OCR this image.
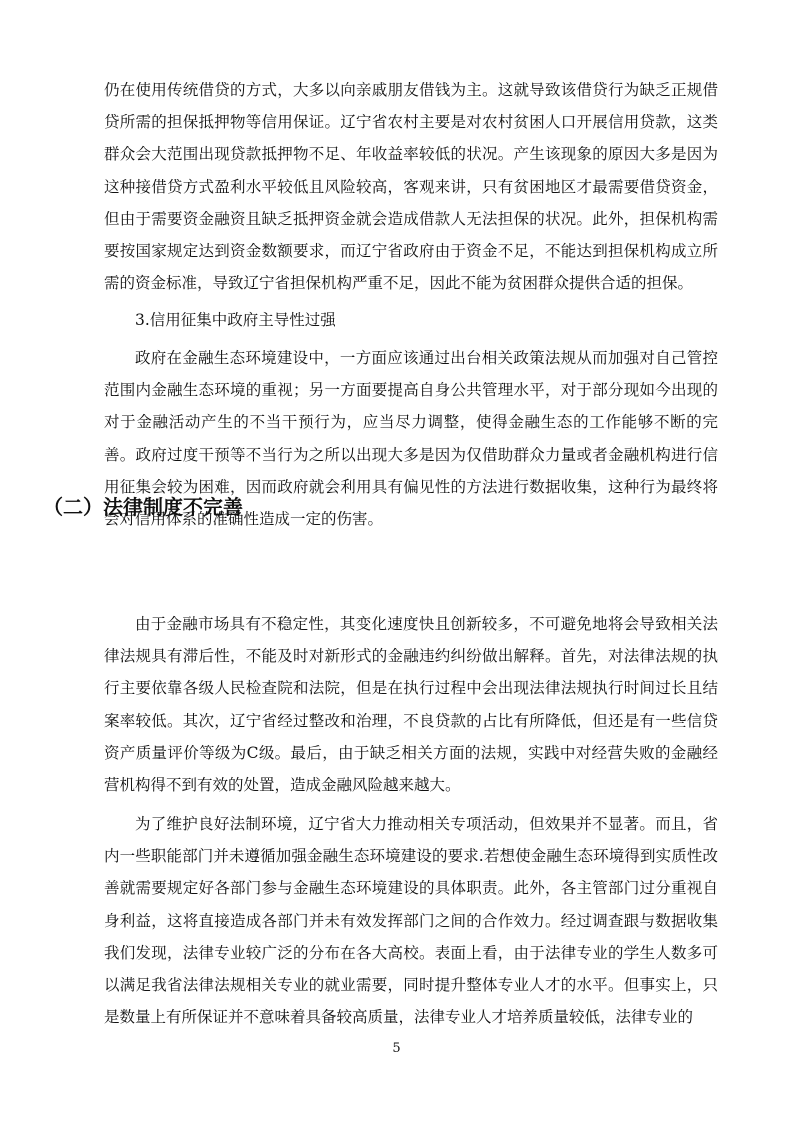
仍在使用传统借贷的方式，大多以向亲戚朋友借钱为主。这就导致该借贷行为缺乏正规借贷所需的担保抵押物等信用保证。辽宁省农村主要是对农村贫困人口开展信用贷款，这类群众会大范围出现贷款抵押物不足、年收益率较低的状况。产生该现象的原因大多是因为这种接借贷方式盈利水平较低且风险较高，客观来讲，只有贫困地区才最需要借贷资金，但由于需要资金融资且缺乏抵押资金就会造成借款人无法担保的状况。此外，担保机构需要按国家规定达到资金数额要求，而辽宁省政府由于资金不足，不能达到担保机构成立所需的资金标准，导致辽宁省担保机构严重不足，因此不能为贫困群众提供合适的担保。

3.信用征集中政府主导性过强

政府在金融生态环境建设中，一方面应该通过出台相关政策法规从而加强对自己管控范围内金融生态环境的重视；另一方面要提高自身公共管理水平，对于部分现如今出现的对于金融活动产生的不当干预行为，应当尽力调整，使得金融生态的工作能够不断的完善。政府过度干预等不当行为之所以出现大多是因为仅借助群众力量或者金融机构进行信用征集会较为困难，因而政府就会利用具有偏见性的方法进行数据收集，这种行为最终将会对信用体系的准确性造成一定的伤害。

（二）法律制度不完善

由于金融市场具有不稳定性，其变化速度快且创新较多，不可避免地将会导致相关法律法规具有滞后性，不能及时对新形式的金融违约纠纷做出解释。首先，对法律法规的执行主要依靠各级人民检查院和法院，但是在执行过程中会出现法律法规执行时间过长且结案率较低。其次，辽宁省经过整改和治理，不良贷款的占比有所降低，但还是有一些信贷资产质量评价等级为C级。最后，由于缺乏相关方面的法规，实践中对经营失败的金融经营机构得不到有效的处置，造成金融风险越来越大。

为了维护良好法制环境，辽宁省大力推动相关专项活动，但效果并不显著。而且，省内一些职能部门并未遵循加强金融生态环境建设的要求.若想使金融生态环境得到实质性改善就需要规定好各部门参与金融生态环境建设的具体职责。此外，各主管部门过分重视自身利益，这将直接造成各部门并未有效发挥部门之间的合作效力。经过调查跟与数据收集我们发现，法律专业较广泛的分布在各大高校。表面上看，由于法律专业的学生人数多可以满足我省法律法规相关专业的就业需要，同时提升整体专业人才的水平。但事实上，只是数量上有所保证并不意味着具备较高质量，法律专业人才培养质量较低，法律专业的

5
